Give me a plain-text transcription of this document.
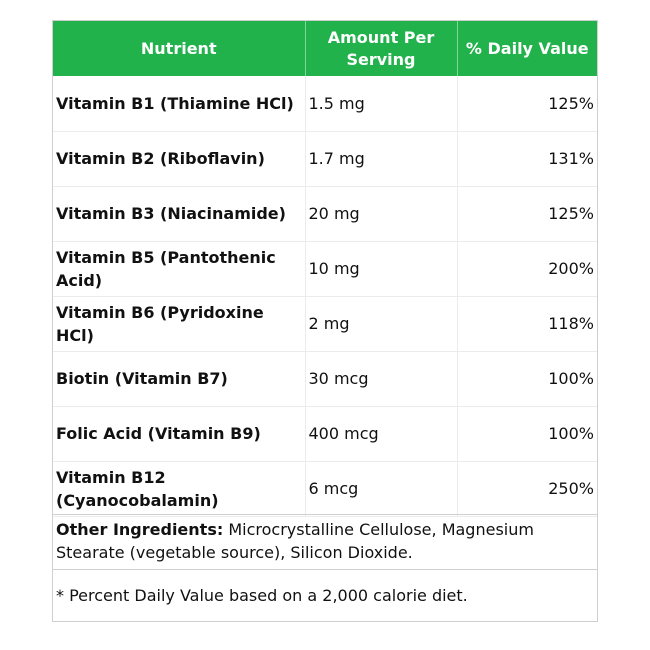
Nutrient	Amount Per Serving	% Daily Value
Vitamin B1 (Thiamine HCl)	1.5 mg	125%
Vitamin B2 (Riboflavin)	1.7 mg	131%
Vitamin B3 (Niacinamide)	20 mg	125%
Vitamin B5 (Pantothenic Acid)	10 mg	200%
Vitamin B6 (Pyridoxine HCl)	2 mg	118%
Biotin (Vitamin B7)	30 mcg	100%
Folic Acid (Vitamin B9)	400 mcg	100%
Vitamin B12 (Cyanocobalamin)	6 mcg	250%
Other Ingredients: Microcrystalline Cellulose, Magnesium Stearate (vegetable source), Silicon Dioxide.
* Percent Daily Value based on a 2,000 calorie diet.
